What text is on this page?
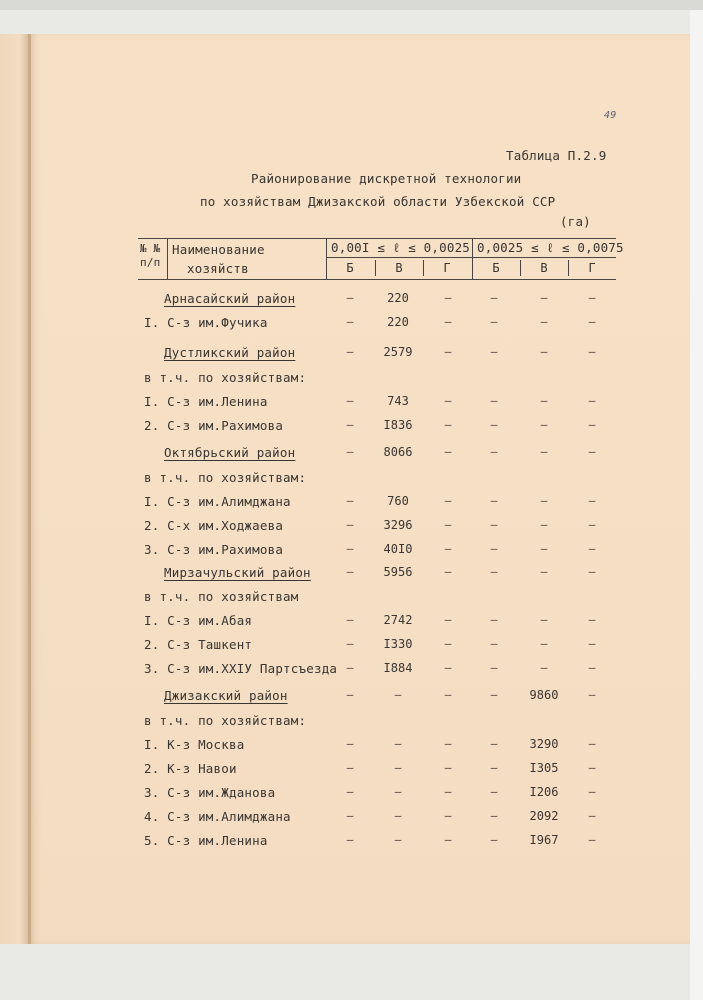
49
Таблица П.2.9
Районирование дискретной технологии
по хозяйствам Джизакской области Узбекской ССР
(га)
№ №
п/п
Наименование
хозяйств
0,00I ≤ ℓ ≤ 0,0025 0,0025 ≤ ℓ ≤ 0,0075
Б	В	Г	Б	В	Г
Арнасайский район	–	220	–	–	–	–
I. С-з им.Фучика	–	220	–	–	–	–
Дустликский район	–	2579	–	–	–	–
в т.ч. по хозяйствам:
I. С-з им.Ленина	–	743	–	–	–	–
2. С-з им.Рахимова	–	I836	–	–	–	–
Октябрьский район	–	8066	–	–	–	–
в т.ч. по хозяйствам:
I. С-з им.Алимджана	–	760	–	–	–	–
2. С-х им.Ходжаева	–	3296	–	–	–	–
3. С-з им.Рахимова	–	40I0	–	–	–	–
Мирзачульский район	–	5956	–	–	–	–
в т.ч. по хозяйствам
I. С-з им.Абая	–	2742	–	–	–	–
2. С-з Ташкент	–	I330	–	–	–	–
3. С-з им.XXIУ Партсъезда –	I884	–	–	–	–
Джизакский район	–	–	–	–	9860	–
в т.ч. по хозяйствам:
I. К-з Москва	–	–	–	–	3290	–
2. К-з Навои	–	–	–	–	I305	–
3. С-з им.Жданова	–	–	–	–	I206	–
4. С-з им.Алимджана	–	–	–	–	2092	–
5. С-з им.Ленина	–	–	–	–	I967	–
